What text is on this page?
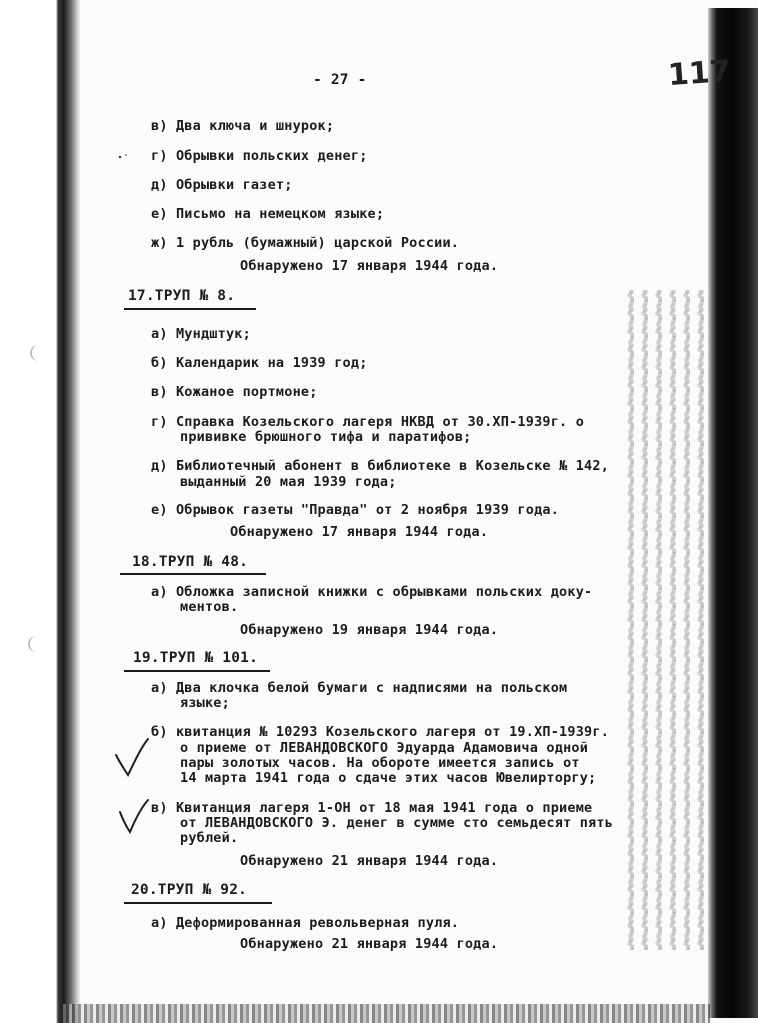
- 27 -	117
в) Два ключа и шнурок;
г) Обрывки польских денег;
д) Обрывки газет;
е) Письмо на немецком языке;
ж) 1 рубль (бумажный) царской России.
Обнаружено 17 января 1944 года.
17.ТРУП № 8.
а) Мундштук;
б) Календарик на 1939 год;
в) Кожаное портмоне;
г) Справка Козельского лагеря НКВД от 30.ХП-1939г. о
прививке брюшного тифа и паратифов;
д) Библиотечный абонент в библиотеке в Козельске № 142,
выданный 20 мая 1939 года;
е) Обрывок газеты "Правда" от 2 ноября 1939 года.
Обнаружено 17 января 1944 года.
18.ТРУП № 48.
а) Обложка записной книжки с обрывками польских доку-
ментов.
Обнаружено 19 января 1944 года.
19.ТРУП № 101.
а) Два клочка белой бумаги с надписями на польском
языке;
б) квитанция № 10293 Козельского лагеря от 19.ХП-1939г.
о приеме от ЛЕВАНДОВСКОГО Эдуарда Адамовича одной
пары золотых часов. На обороте имеется запись от
14 марта 1941 года о сдаче этих часов Ювелирторгу;
в) Квитанция лагеря 1-ОН от 18 мая 1941 года о приеме
от ЛЕВАНДОВСКОГО Э. денег в сумме сто семьдесят пять
рублей.
Обнаружено 21 января 1944 года.
20.ТРУП № 92.
а) Деформированная револьверная пуля.
Обнаружено 21 января 1944 года.
